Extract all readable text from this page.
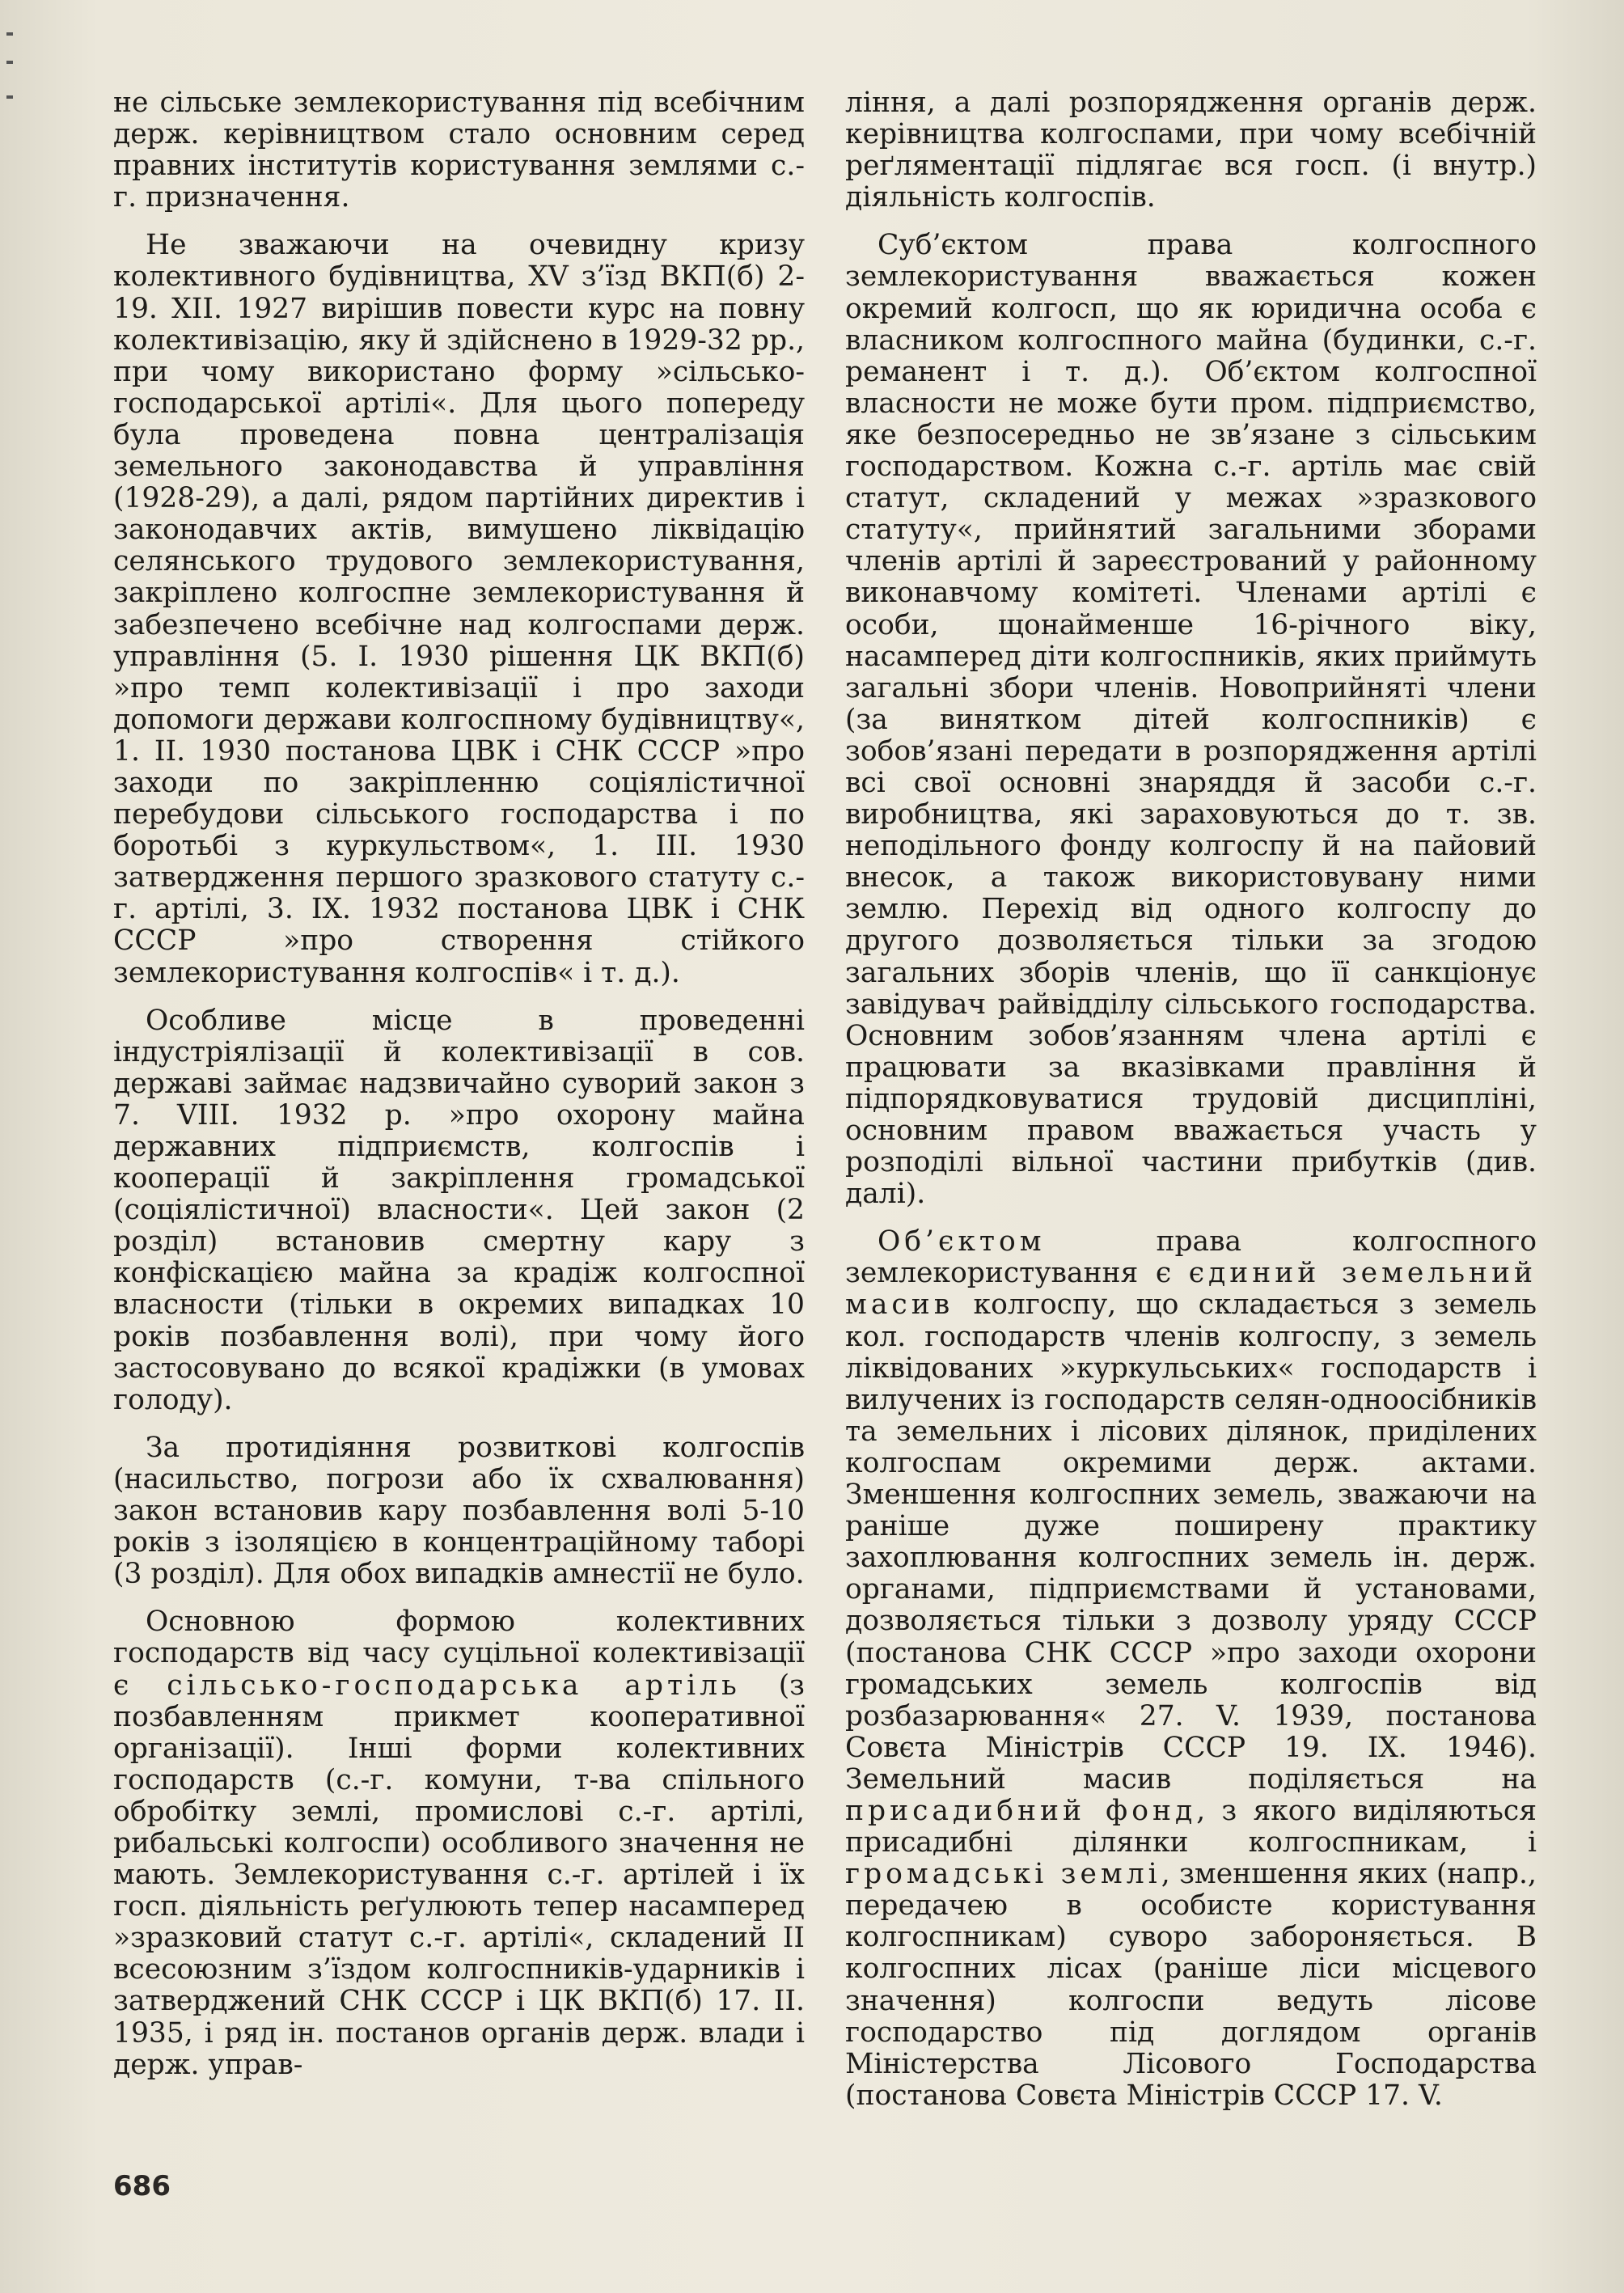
не сільське землекористування під всебічним держ. керівництвом стало основним серед правних інститутів користування землями с.-г. призначення.

Не зважаючи на очевидну кризу колективного будівництва, XV з’їзд ВКП(б) 2-19. XII. 1927 вирішив повести курс на повну колективізацію, яку й здійснено в 1929-32 рр., при чому використано форму »сільсько-господарської артілі«. Для цього попереду була проведена повна централізація земельного законодавства й управління (1928-29), а далі, рядом партійних директив і законодавчих актів, вимушено ліквідацію селянського трудового землекористування, закріплено колгоспне землекористування й забезпечено всебічне над колгоспами держ. управління (5. І. 1930 рішення ЦК ВКП(б) »про темп колективізації і про заходи допомоги держави колгоспному будівництву«, 1. ІІ. 1930 постанова ЦВК і СНК СССР »про заходи по закріпленню соціялістичної перебудови сільського господарства і по боротьбі з куркульством«, 1. ІІІ. 1930 затвердження першого зразкового статуту с.-г. артілі, 3. ІХ. 1932 постанова ЦВК і СНК СССР »про створення стійкого землекористування колгоспів« і т. д.).

Особливе місце в проведенні індустріялізації й колективізації в сов. державі займає надзвичайно суворий закон з 7. VIII. 1932 р. »про охорону майна державних підприємств, колгоспів і кооперації й закріплення громадської (соціялістичної) власности«. Цей закон (2 розділ) встановив смертну кару з конфіскацією майна за крадіж колгоспної власности (тільки в окремих випадках 10 років позбавлення волі), при чому його застосовувано до всякої крадіжки (в умовах голоду).

За протидіяння розвиткові колгоспів (насильство, погрози або їх схвалювання) закон встановив кару позбавлення волі 5-10 років з ізоляцією в концентраційному таборі (3 розділ). Для обох випадків амнестії не було.

Основною формою колективних господарств від часу суцільної колективізації є сільсько-господарська артіль (з позбавленням прикмет кооперативної організації). Інші форми колективних господарств (с.-г. комуни, т-ва спільного обробітку землі, промислові с.-г. артілі, рибальські колгоспи) особливого значення не мають. Землекористування с.-г. артілей і їх госп. діяльність реґулюють тепер насамперед »зразковий статут с.-г. артілі«, складений II всесоюзним з’їздом колгоспників-ударників і затверджений СНК СССР і ЦК ВКП(б) 17. II. 1935, і ряд ін. постанов органів держ. влади і держ. управ-

ління, а далі розпорядження органів держ. керівництва колгоспами, при чому всебічній реґляментації підлягає вся госп. (і внутр.) діяльність колгоспів.

Суб’єктом права колгоспного землекористування вважається кожен окремий колгосп, що як юридична особа є власником колгоспного майна (будинки, с.-г. реманент і т. д.). Об’єктом колгоспної власности не може бути пром. підприємство, яке безпосередньо не зв’язане з сільським господарством. Кожна с.-г. артіль має свій статут, складений у межах »зразкового статуту«, прийнятий загальними зборами членів артілі й зареєстрований у районному виконавчому комітеті. Членами артілі є особи, щонайменше 16-річного віку, насамперед діти колгоспників, яких приймуть загальні збори членів. Новоприйняті члени (за винятком дітей колгоспників) є зобов’язані передати в розпорядження артілі всі свої основні знаряддя й засоби с.-г. виробництва, які зараховуються до т. зв. неподільного фонду колгоспу й на пайовий внесок, а також використовувану ними землю. Перехід від одного колгоспу до другого дозволяється тільки за згодою загальних зборів членів, що її санкціонує завідувач райвідділу сільського господарства. Основним зобов’язанням члена артілі є працювати за вказівками правління й підпорядковуватися трудовій дисципліні, основним правом вважається участь у розподілі вільної частини прибутків (див. далі).

Об’єктом права колгоспного землекористування є єдиний земельний масив колгоспу, що складається з земель кол. господарств членів колгоспу, з земель ліквідованих »куркульських« господарств і вилучених із господарств селян-одноосібників та земельних і лісових ділянок, приділених колгоспам окремими держ. актами. Зменшення колгоспних земель, зважаючи на раніше дуже поширену практику захоплювання колгоспних земель ін. держ. органами, підприємствами й установами, дозволяється тільки з дозволу уряду СССР (постанова СНК СССР »про заходи охорони громадських земель колгоспів від розбазарювання« 27. V. 1939, постанова Совєта Міністрів СССР 19. IX. 1946). Земельний масив поділяється на присадибний фонд, з якого виділяються присадибні ділянки колгоспникам, і громадські землі, зменшення яких (напр., передачею в особисте користування колгоспникам) суворо забороняється. В колгоспних лісах (раніше ліси місцевого значення) колгоспи ведуть лісове господарство під доглядом органів Міністерства Лісового Господарства (постанова Совєта Міністрів СССР 17. V.

686
